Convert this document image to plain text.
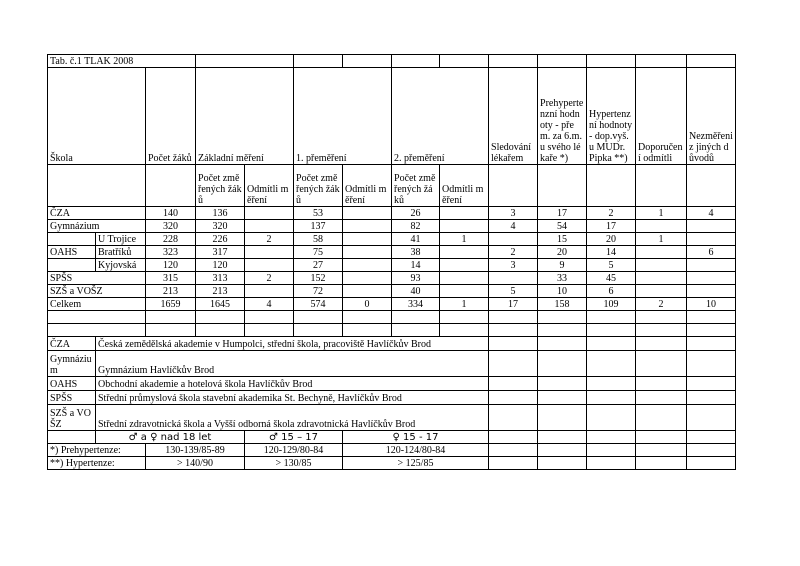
Tab. č.1 TLAK 2008													
Škola		Počet žáků	Základní měření		1. přeměření		2. přeměření		Sledování lékařem	Prehypertenzní hodnoty - přem. za 6.m. u svého lékaře *)	Hypertenzní hodnoty - dop.vyš. u MUDr. Pipka **)	Doporučení odmítli	Nezměřeni z jiných důvodů
			Počet změřených žáků	Odmítli měření	Počet změřených žáků	Odmítli měření	Počet změřených žáků	Odmítli měření					
ČZA		140	136		53		26		3	17	2	1	4
Gymnázium		320	320		137		82		4	54	17		
	U Trojice	228	226	2	58		41	1		15	20	1	
OAHS	Bratříků	323	317		75		38		2	20	14		6
	Kyjovská	120	120		27		14		3	9	5		
SPŠS		315	313	2	152		93			33	45		
SZŠ a VOŠZ		213	213		72		40		5	10	6		
Celkem		1659	1645	4	574	0	334	1	17	158	109	2	10

ČZA	Česká zemědělská akademie v Humpolci, střední škola, pracoviště Havlíčkův Brod												
Gymnázium	Gymnázium Havlíčkův Brod												
OAHS	Obchodní akademie a hotelová škola Havlíčkův Brod												
SPŠS	Střední průmyslová škola stavební akademika St. Bechyně, Havlíčkův Brod												
SZŠ a VOŠZ	Střední zdravotnická škola a Vyšší odborná škola zdravotnická Havlíčkův Brod												
	♂ a ♀ nad 18 let			♂ 15 – 17		♀ 15 - 17							
*) Prehypertenze:		130-139/85-89		120-129/80-84		120-124/80-84							
**) Hypertenze:		> 140/90		> 130/85		> 125/85							
